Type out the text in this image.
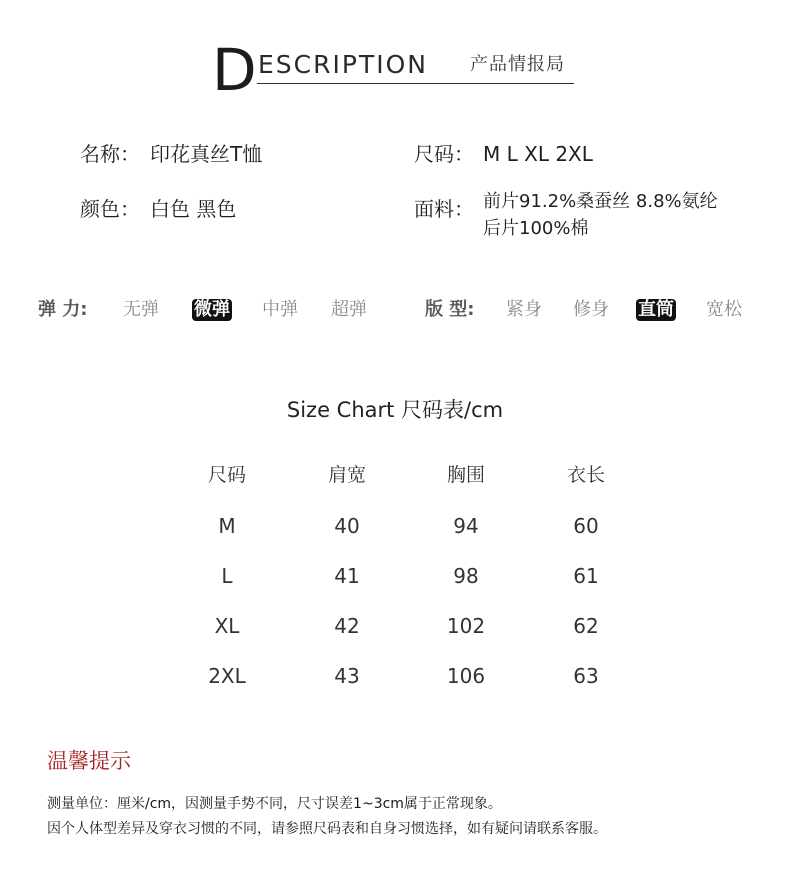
D ESCRIPTION 产品情报局
名称： 印花真丝T恤	尺码： M L XL 2XL
颜色： 白色 黑色	面料： 前片91.2%桑蚕丝 8.8%氨纶
后片100%棉
弹 力: 无弹 微弹 中弹 超弹	版 型: 紧身 修身 直筒 宽松
Size Chart 尺码表/cm
尺码	肩宽	胸围	衣长
M	40	94	60
L	41	98	61
XL	42	102	62
2XL	43	106	63
温馨提示
测量单位：厘米/cm，因测量手势不同，尺寸误差1~3cm属于正常现象。
因个人体型差异及穿衣习惯的不同，请参照尺码表和自身习惯选择，如有疑问请联系客服。
